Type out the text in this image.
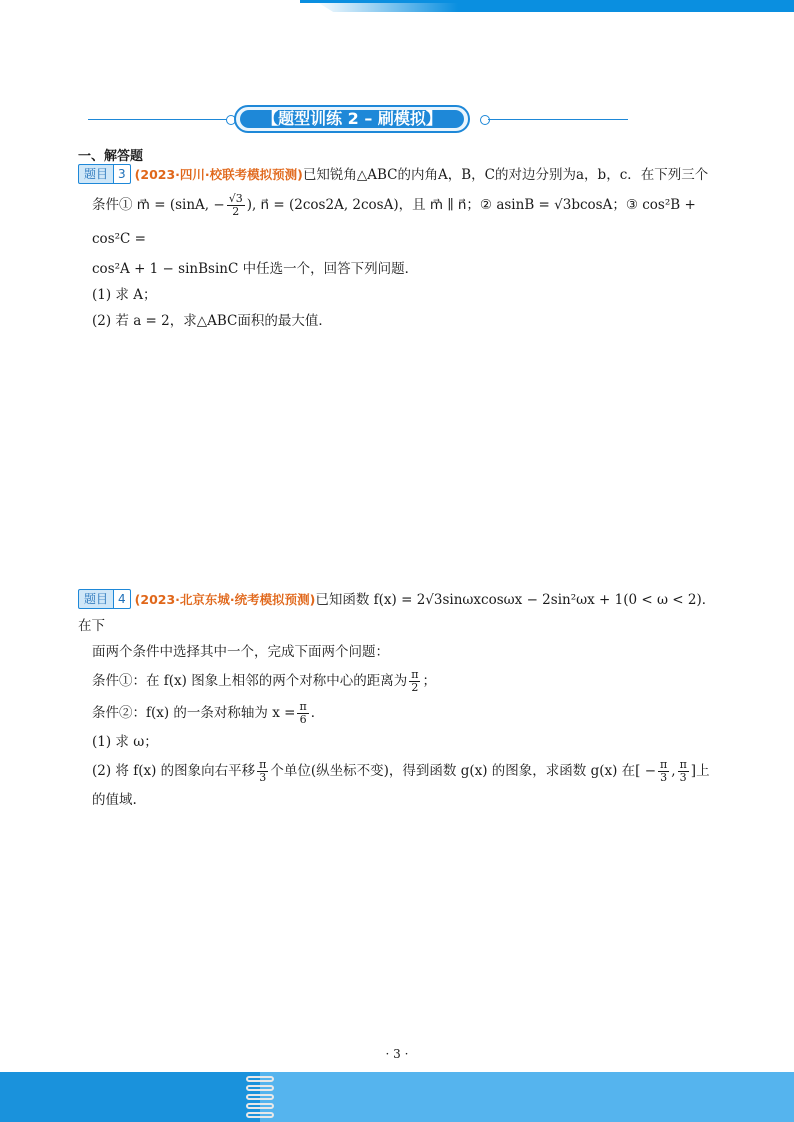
【题型训练 2 – 刷模拟】
一、解答题

题目 3 (2023·四川·校联考模拟预测)已知锐角△ABC的内角A，B，C的对边分别为a，b，c．在下列三个

条件① m⃗ = (sinA, − $\frac{√3}{2}$ ), n⃗ = (2cos2A, 2cosA)，且 m⃗ ∥ n⃗；② asinB = √3bcosA；③ cos²B + cos²C =

cos²A + 1 − sinBsinC 中任选一个，回答下列问题．

(1) 求 A；

(2) 若 a = 2，求△ABC面积的最大值．

题目 4 (2023·北京东城·统考模拟预测)已知函数 f(x) = 2√3sinωxcosωx − 2sin²ωx + 1(0 < ω < 2)．在下

面两个条件中选择其中一个，完成下面两个问题：

条件①：在 f(x) 图象上相邻的两个对称中心的距离为 $\frac{\pi}{2}$ ；

条件②：f(x) 的一条对称轴为 $x = \frac{\pi}{6}$ ．

(1) 求 ω；

(2) 将 f(x) 的图象向右平移 $\frac{\pi}{3}$ 个单位(纵坐标不变)，得到函数 g(x) 的图象，求函数 g(x) 在[ − $\frac{\pi}{3}$ , $\frac{\pi}{3}$ ]上

的值域.

· 3 ·
